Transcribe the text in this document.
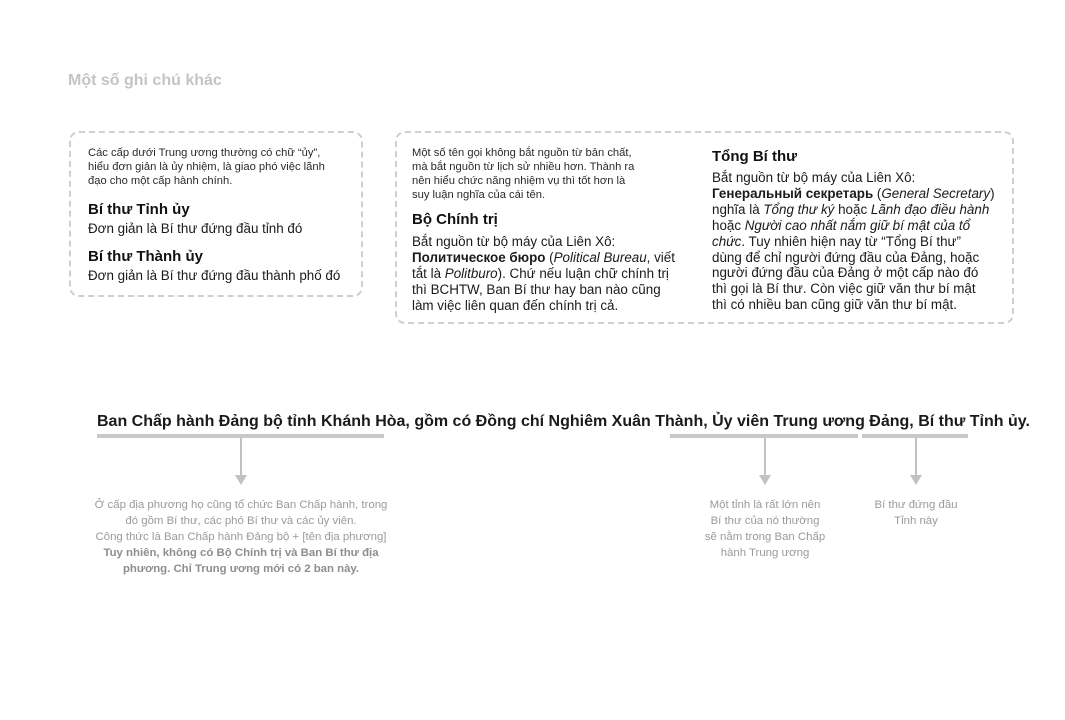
Một số ghi chú khác
Các cấp dưới Trung ương thường có chữ “ủy”,
hiểu đơn giản là ủy nhiệm, là giao phó việc lãnh
đạo cho một cấp hành chính.
Bí thư Tỉnh ủy
Đơn giản là Bí thư đứng đầu tỉnh đó
Bí thư Thành ủy
Đơn giản là Bí thư đứng đầu thành phố đó
Một số tên gọi không bắt nguồn từ bản chất,
mà bắt nguồn từ lịch sử nhiều hơn. Thành ra
nên hiểu chức năng nhiệm vụ thì tốt hơn là
suy luận nghĩa của cái tên.
Bộ Chính trị
Bắt nguồn từ bộ máy của Liên Xô:
Политическое бюро (Political Bureau, viết
tắt là Politburo). Chứ nếu luận chữ chính trị
thì BCHTW, Ban Bí thư hay ban nào cũng
làm việc liên quan đến chính trị cả.
Tổng Bí thư
Bắt nguồn từ bộ máy của Liên Xô:
Генеральный секретарь (General Secretary)
nghĩa là Tổng thư ký hoặc Lãnh đạo điều hành
hoặc Người cao nhất nắm giữ bí mật của tổ
chức. Tuy nhiên hiện nay từ “Tổng Bí thư”
dùng để chỉ người đứng đầu của Đảng, hoặc
người đứng đầu của Đảng ở một cấp nào đó
thì gọi là Bí thư. Còn việc giữ văn thư bí mật
thì có nhiều ban cũng giữ văn thư bí mật.
Ban Chấp hành Đảng bộ tỉnh Khánh Hòa, gồm có Đồng chí Nghiêm Xuân Thành, Ủy viên Trung ương Đảng, Bí thư Tỉnh ủy.
Ở cấp địa phương họ cũng tổ chức Ban Chấp hành, trong
đó gồm Bí thư, các phó Bí thư và các ủy viên.
Công thức là Ban Chấp hành Đảng bộ + [tên địa phương]
Tuy nhiên, không có Bộ Chính trị và Ban Bí thư địa
phương. Chỉ Trung ương mới có 2 ban này.
Một tỉnh là rất lớn nên
Bí thư của nó thường
sẽ nằm trong Ban Chấp
hành Trung ương
Bí thư đứng đầu
Tỉnh này
